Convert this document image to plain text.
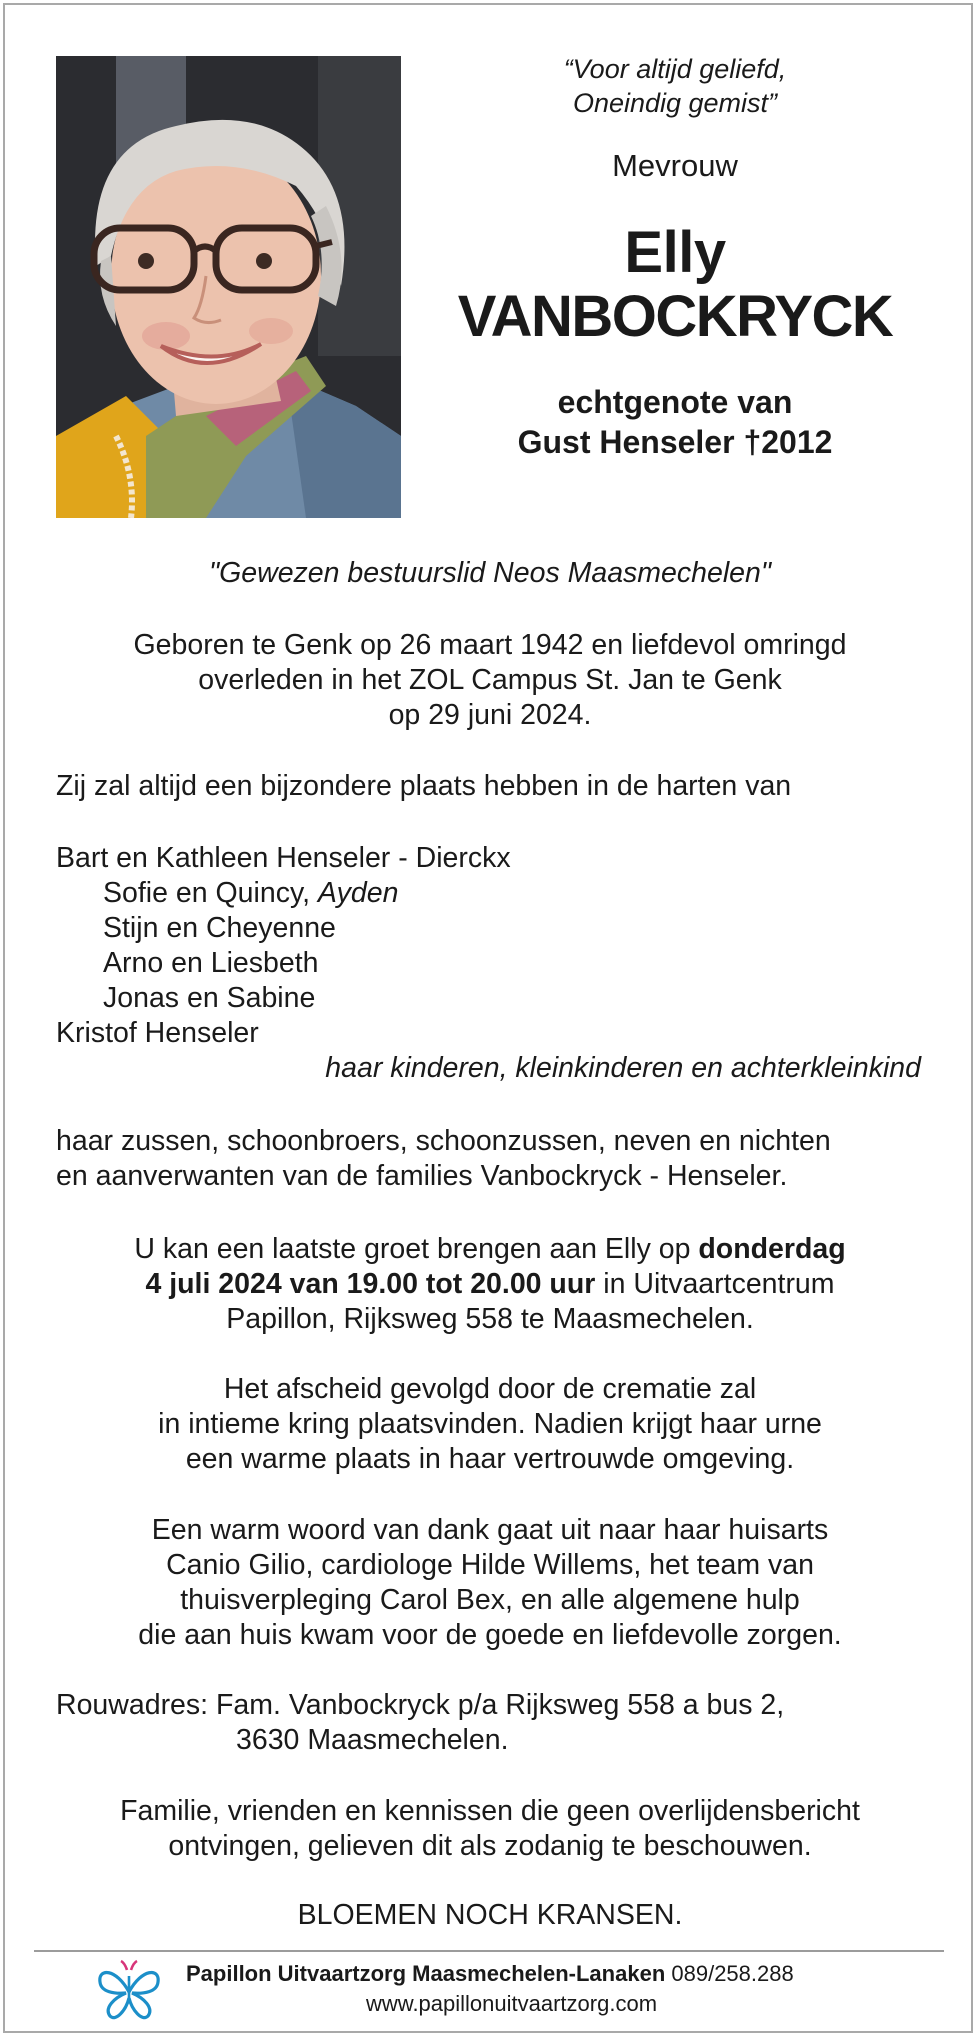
“Voor altijd geliefd,
Oneindig gemist”
Mevrouw
Elly
VANBOCKRYCK
echtgenote van
Gust Henseler †2012
"Gewezen bestuurslid Neos Maasmechelen"
Geboren te Genk op 26 maart 1942 en liefdevol omringd
overleden in het ZOL Campus St. Jan te Genk
op 29 juni 2024.
Zij zal altijd een bijzondere plaats hebben in de harten van
Bart en Kathleen Henseler - Dierckx
Sofie en Quincy, Ayden
Stijn en Cheyenne
Arno en Liesbeth
Jonas en Sabine
Kristof Henseler
haar kinderen, kleinkinderen en achterkleinkind
haar zussen, schoonbroers, schoonzussen, neven en nichten
en aanverwanten van de families Vanbockryck - Henseler.
U kan een laatste groet brengen aan Elly op donderdag
4 juli 2024 van 19.00 tot 20.00 uur in Uitvaartcentrum
Papillon, Rijksweg 558 te Maasmechelen.
Het afscheid gevolgd door de crematie zal
in intieme kring plaatsvinden. Nadien krijgt haar urne
een warme plaats in haar vertrouwde omgeving.
Een warm woord van dank gaat uit naar haar huisarts
Canio Gilio, cardiologe Hilde Willems, het team van
thuisverpleging Carol Bex, en alle algemene hulp
die aan huis kwam voor de goede en liefdevolle zorgen.
Rouwadres: Fam. Vanbockryck p/a Rijksweg 558 a bus 2,
3630 Maasmechelen.
Familie, vrienden en kennissen die geen overlijdensbericht
ontvingen, gelieven dit als zodanig te beschouwen.
BLOEMEN NOCH KRANSEN.
Papillon Uitvaartzorg Maasmechelen-Lanaken 089/258.288
www.papillonuitvaartzorg.com
